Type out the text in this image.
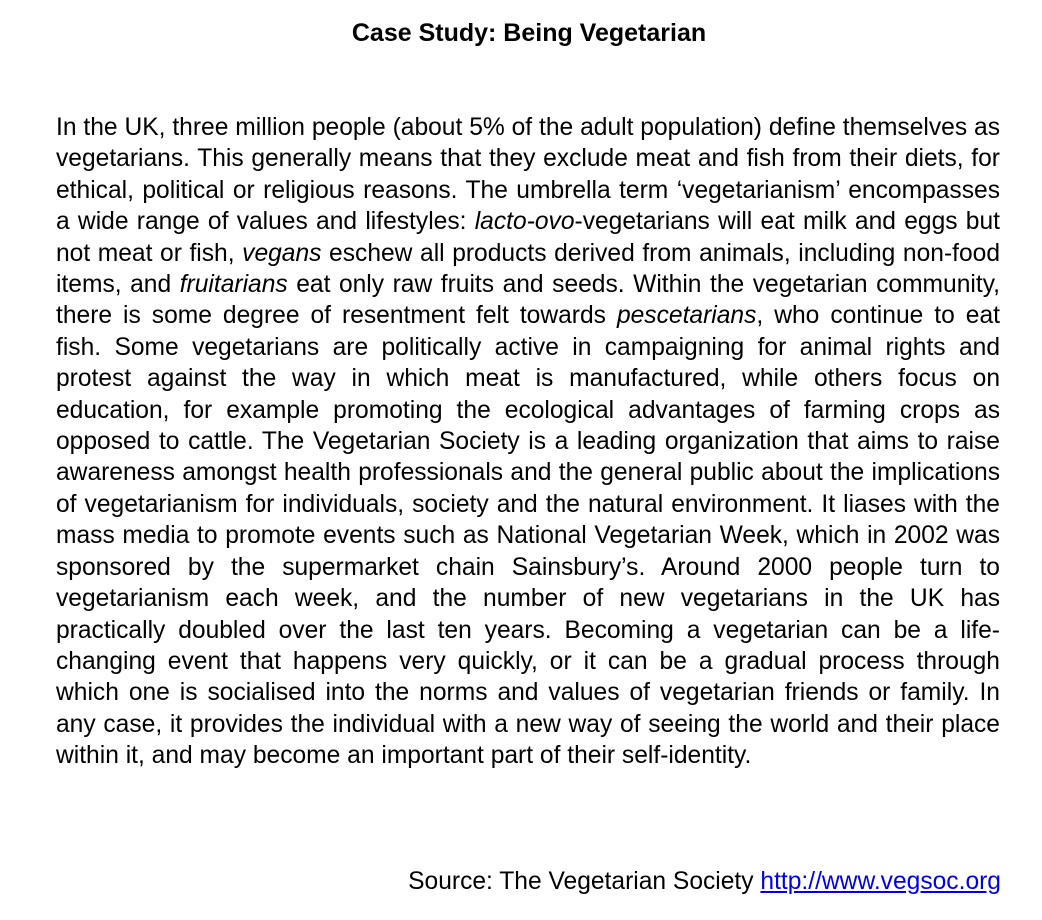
Case Study: Being Vegetarian

In the UK, three million people (about 5% of the adult population) define themselves as vegetarians. This generally means that they exclude meat and fish from their diets, for ethical, political or religious reasons. The umbrella term ‘vegetarianism’ encompasses a wide range of values and lifestyles: lacto-ovo-vegetarians will eat milk and eggs but not meat or fish, vegans eschew all products derived from animals, including non-food items, and fruitarians eat only raw fruits and seeds. Within the vegetarian community, there is some degree of resentment felt towards pescetarians, who continue to eat fish. Some vegetarians are politically active in campaigning for animal rights and protest against the way in which meat is manufactured, while others focus on education, for example promoting the ecological advantages of farming crops as opposed to cattle. The Vegetarian Society is a leading organization that aims to raise awareness amongst health professionals and the general public about the implications of vegetarianism for individuals, society and the natural environment. It liases with the mass media to promote events such as National Vegetarian Week, which in 2002 was sponsored by the supermarket chain Sainsbury’s. Around 2000 people turn to vegetarianism each week, and the number of new vegetarians in the UK has practically doubled over the last ten years. Becoming a vegetarian can be a life-changing event that happens very quickly, or it can be a gradual process through which one is socialised into the norms and values of vegetarian friends or family. In any case, it provides the individual with a new way of seeing the world and their place within it, and may become an important part of their self-identity.

Source: The Vegetarian Society http://www.vegsoc.org
